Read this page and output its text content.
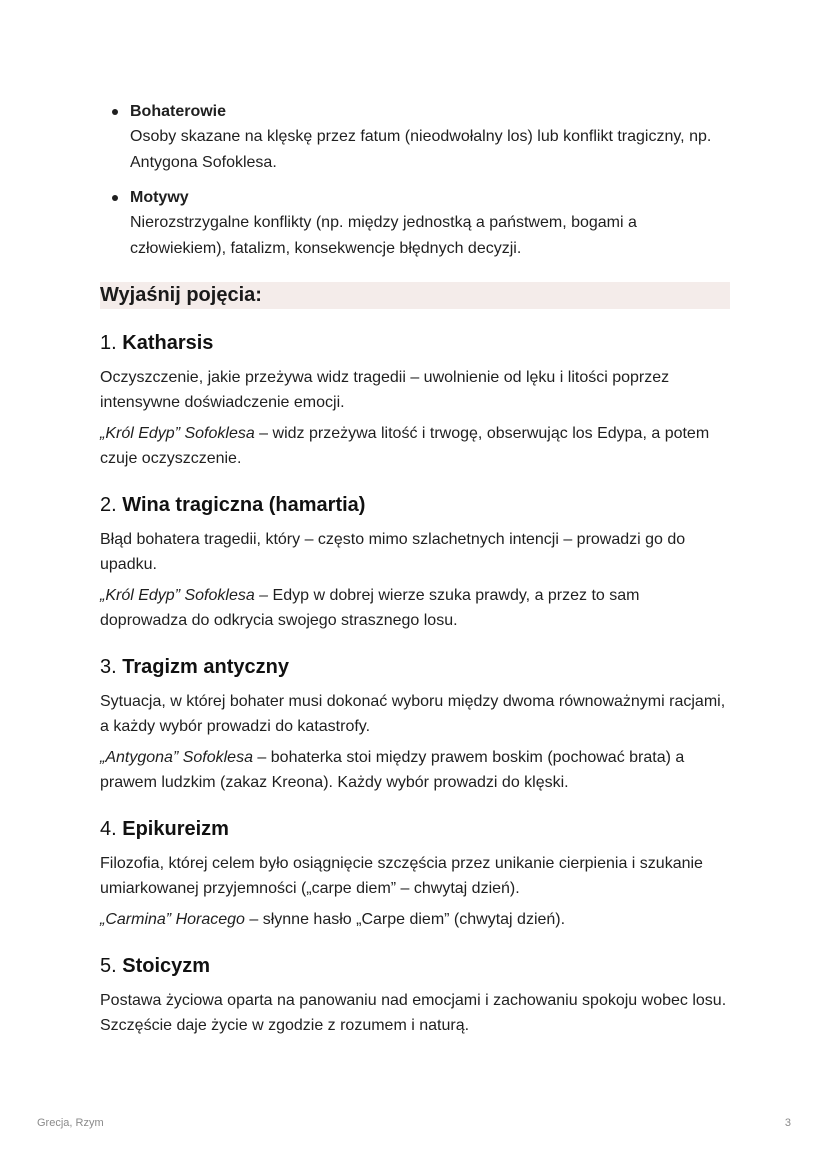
Bohaterowie
Osoby skazane na klęskę przez fatum (nieodwołalny los) lub konflikt tragiczny, np. Antygona Sofoklesa.
Motywy
Nierozstrzygalne konflikty (np. między jednostką a państwem, bogami a człowiekiem), fatalizm, konsekwencje błędnych decyzji.
Wyjaśnij pojęcia:
1. Katharsis

Oczyszczenie, jakie przeżywa widz tragedii – uwolnienie od lęku i litości poprzez intensywne doświadczenie emocji.

„Król Edyp” Sofoklesa – widz przeżywa litość i trwogę, obserwując los Edypa, a potem czuje oczyszczenie.

2. Wina tragiczna (hamartia)

Błąd bohatera tragedii, który – często mimo szlachetnych intencji – prowadzi go do upadku.

„Król Edyp” Sofoklesa – Edyp w dobrej wierze szuka prawdy, a przez to sam doprowadza do odkrycia swojego strasznego losu.

3. Tragizm antyczny

Sytuacja, w której bohater musi dokonać wyboru między dwoma równoważnymi racjami, a każdy wybór prowadzi do katastrofy.

„Antygona” Sofoklesa – bohaterka stoi między prawem boskim (pochować brata) a prawem ludzkim (zakaz Kreona). Każdy wybór prowadzi do klęski.

4. Epikureizm

Filozofia, której celem było osiągnięcie szczęścia przez unikanie cierpienia i szukanie umiarkowanej przyjemności („carpe diem” – chwytaj dzień).

„Carmina” Horacego – słynne hasło „Carpe diem” (chwytaj dzień).

5. Stoicyzm

Postawa życiowa oparta na panowaniu nad emocjami i zachowaniu spokoju wobec losu. Szczęście daje życie w zgodzie z rozumem i naturą.

Grecja, Rzym	3
